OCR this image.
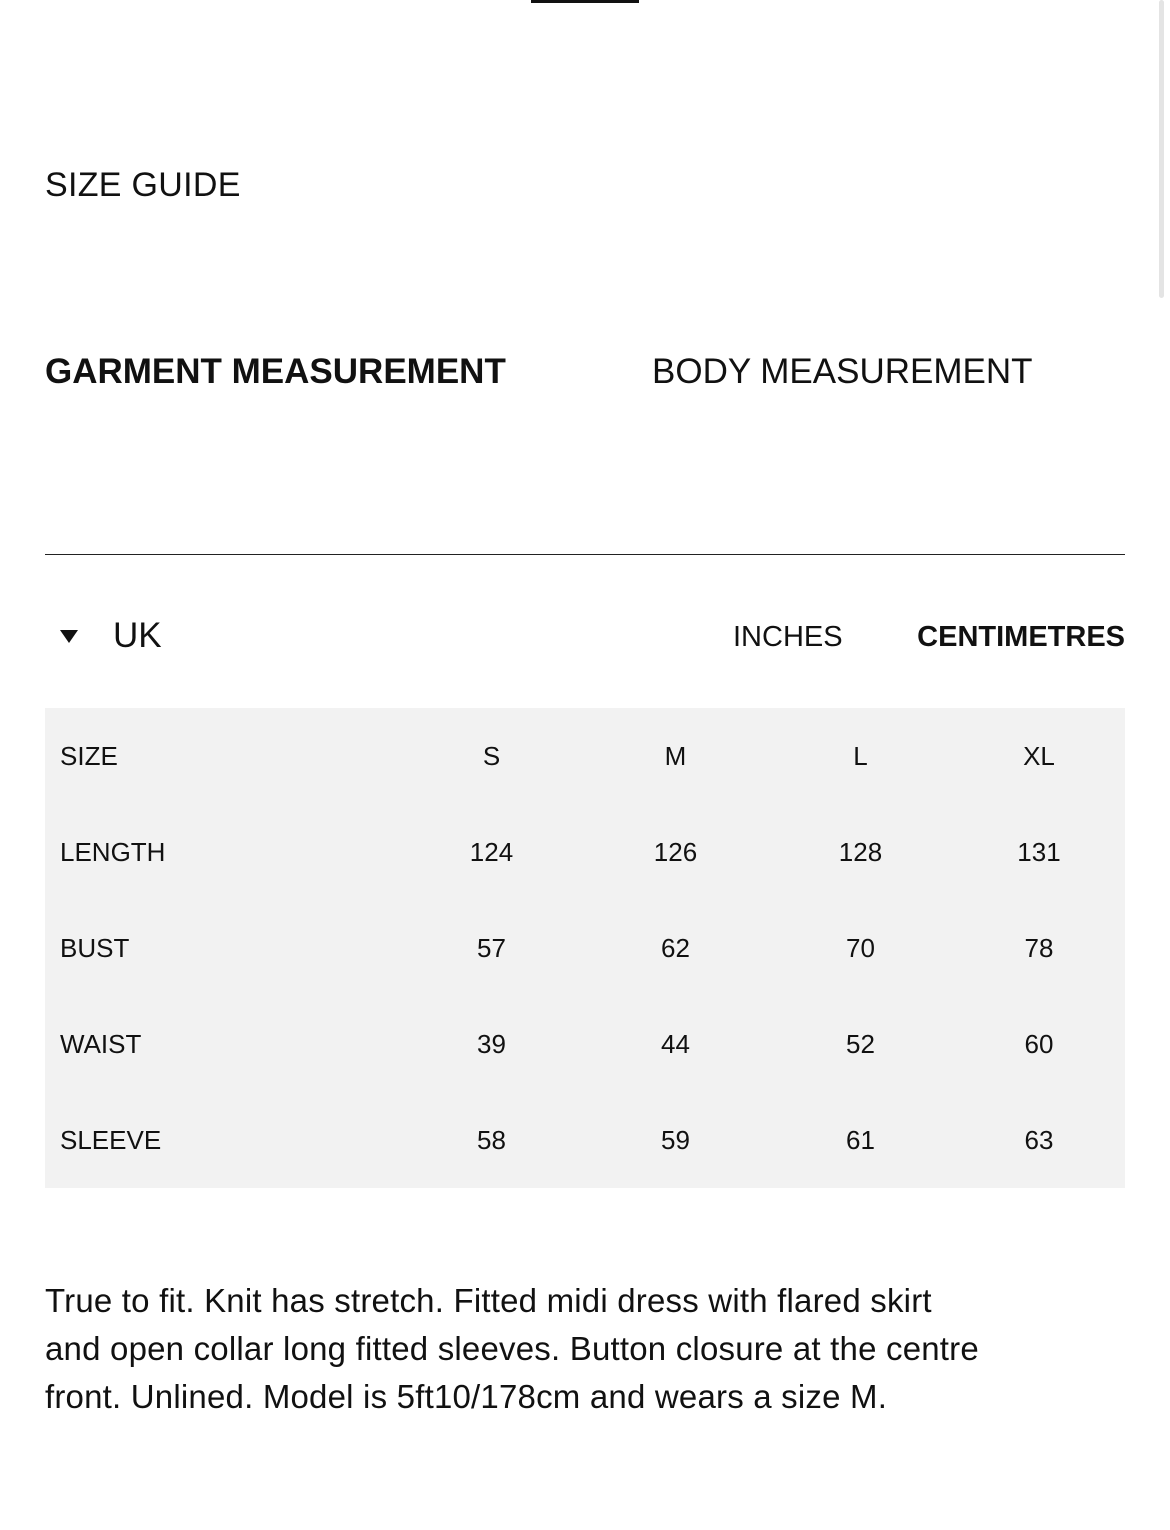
SIZE GUIDE
GARMENT MEASUREMENT	BODY MEASUREMENT
UK	INCHES	CENTIMETRES
SIZE	S	M	L	XL
LENGTH	124	126	128	131
BUST	57	62	70	78
WAIST	39	44	52	60
SLEEVE	58	59	61	63

True to fit. Knit has stretch. Fitted midi dress with flared skirt and open collar long fitted sleeves. Button closure at the centre front. Unlined. Model is 5ft10/178cm and wears a size M.
